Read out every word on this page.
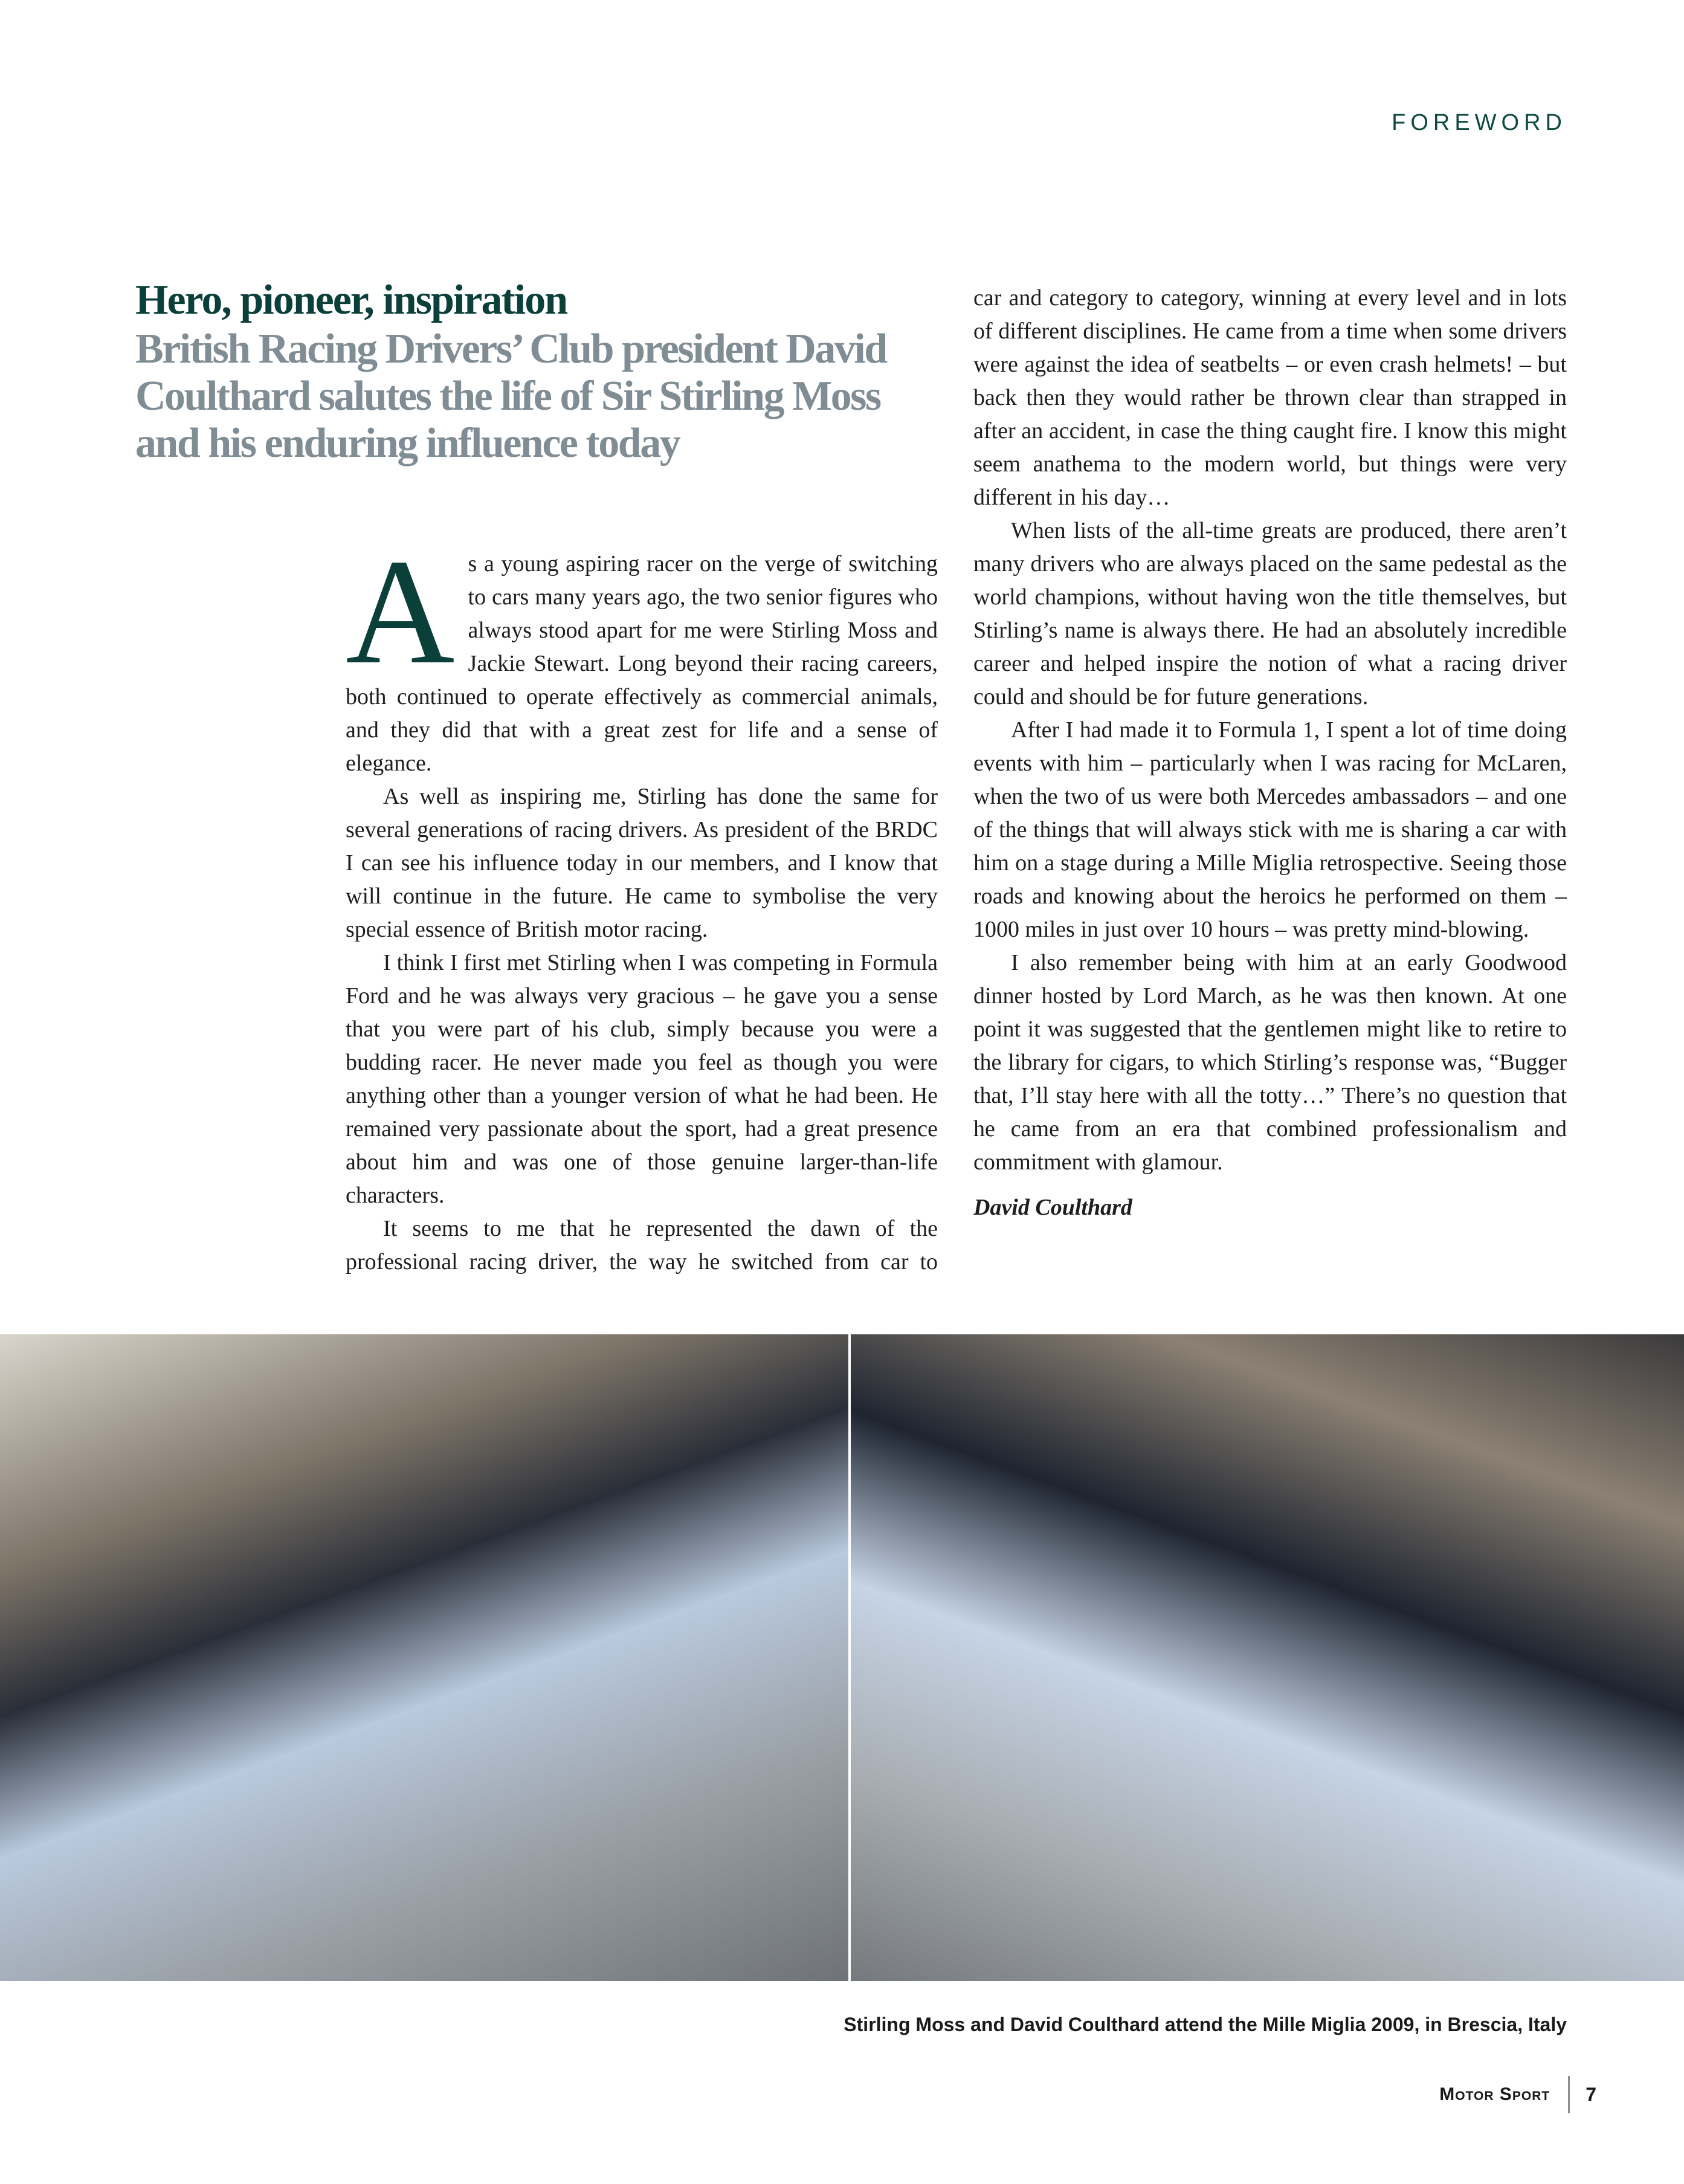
FOREWORD
Hero, pioneer, inspiration
British Racing Drivers’ Club president David Coulthard salutes the life of Sir Stirling Moss and his enduring influence today

As a young aspiring racer on the verge of switching to cars many years ago, the two senior figures who always stood apart for me were Stirling Moss and Jackie Stewart. Long beyond their racing careers, both continued to operate effectively as commercial animals, and they did that with a great zest for life and a sense of elegance.

As well as inspiring me, Stirling has done the same for several generations of racing drivers. As president of the BRDC I can see his influence today in our members, and I know that will continue in the future. He came to symbolise the very special essence of British motor racing.

I think I first met Stirling when I was competing in Formula Ford and he was always very gracious – he gave you a sense that you were part of his club, simply because you were a budding racer. He never made you feel as though you were anything other than a younger version of what he had been. He remained very passionate about the sport, had a great presence about him and was one of those genuine larger-than-life characters.

It seems to me that he represented the dawn of the professional racing driver, the way he switched from car to

car and category to category, winning at every level and in lots of different disciplines. He came from a time when some drivers were against the idea of seatbelts – or even crash helmets! – but back then they would rather be thrown clear than strapped in after an accident, in case the thing caught fire. I know this might seem anathema to the modern world, but things were very different in his day…

When lists of the all-time greats are produced, there aren’t many drivers who are always placed on the same pedestal as the world champions, without having won the title themselves, but Stirling’s name is always there. He had an absolutely incredible career and helped inspire the notion of what a racing driver could and should be for future generations.

After I had made it to Formula 1, I spent a lot of time doing events with him – particularly when I was racing for McLaren, when the two of us were both Mercedes ambassadors – and one of the things that will always stick with me is sharing a car with him on a stage during a Mille Miglia retrospective. Seeing those roads and knowing about the heroics he performed on them – 1000 miles in just over 10 hours – was pretty mind-blowing.

I also remember being with him at an early Goodwood dinner hosted by Lord March, as he was then known. At one point it was suggested that the gentlemen might like to retire to the library for cigars, to which Stirling’s response was, “Bugger that, I’ll stay here with all the totty…” There’s no question that he came from an era that combined professionalism and commitment with glamour.

David Coulthard

Stirling Moss and David Coulthard attend the Mille Miglia 2009, in Brescia, Italy
Motor Sport 7
